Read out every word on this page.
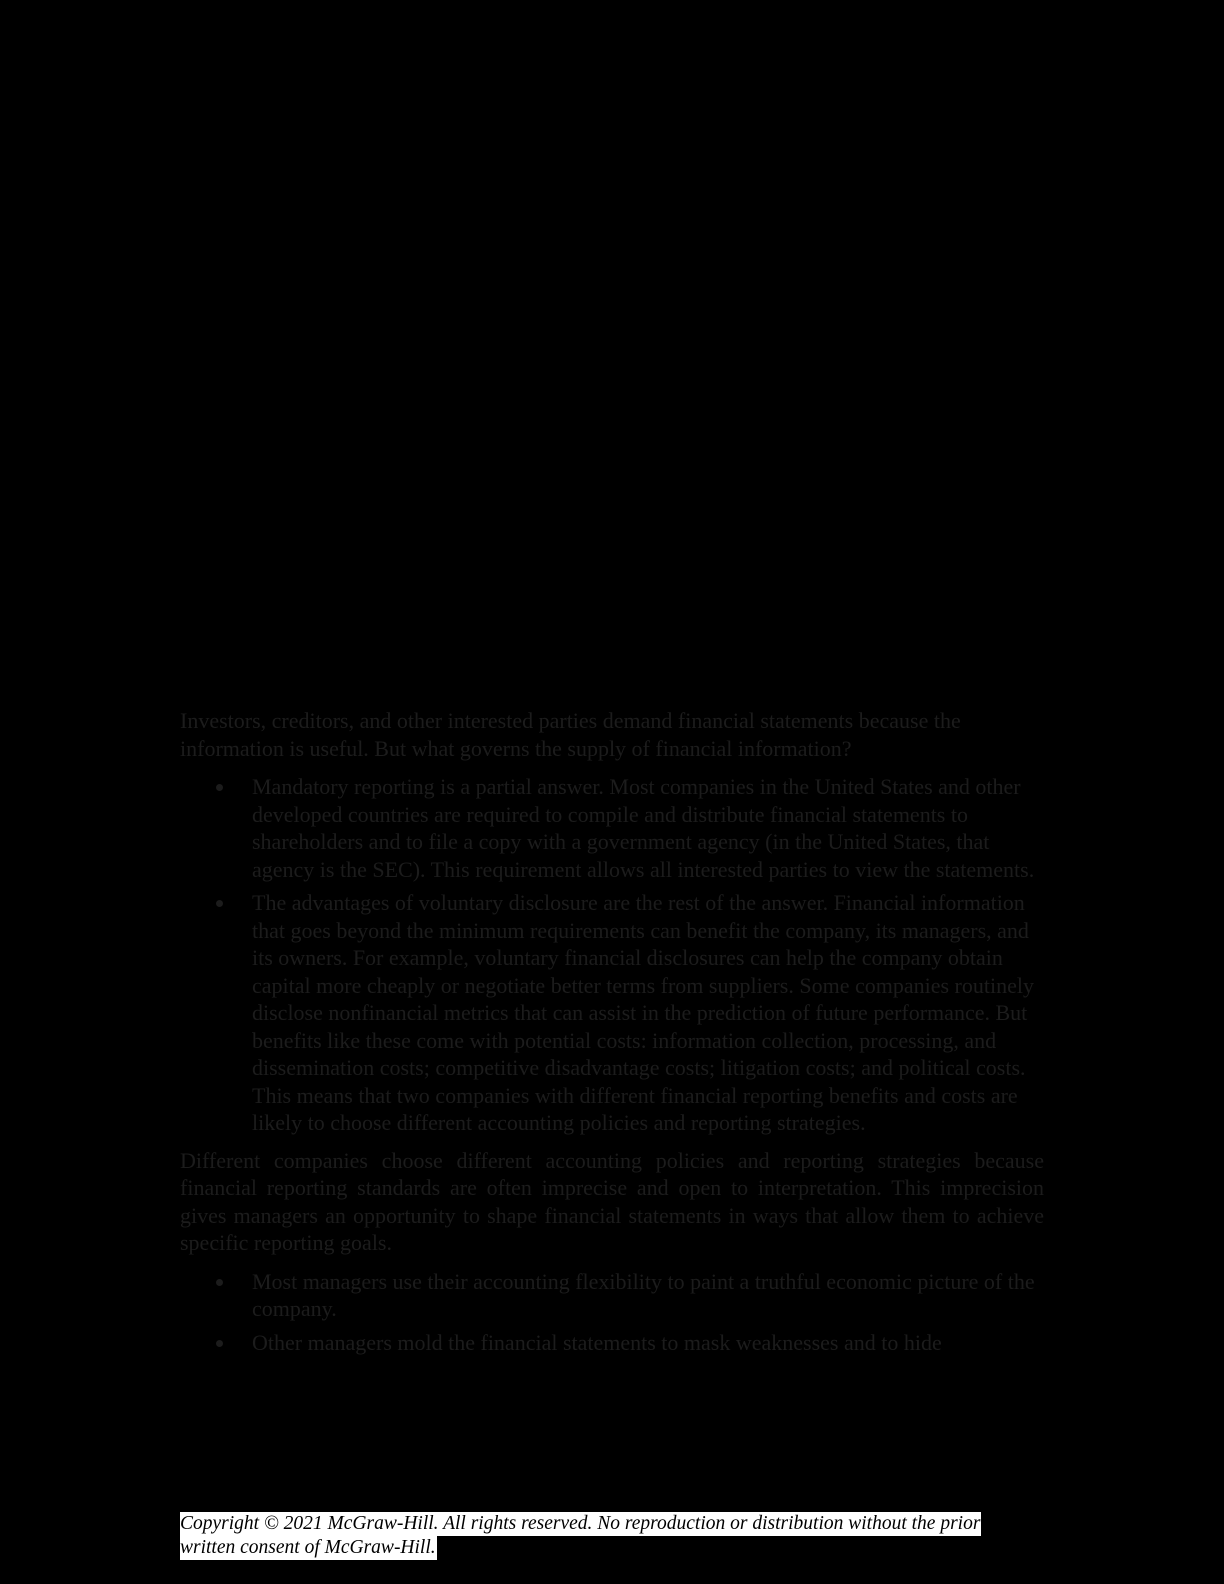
Investors, creditors, and other interested parties demand financial statements because the information is useful. But what governs the supply of financial information?

Mandatory reporting is a partial answer. Most companies in the United States and other developed countries are required to compile and distribute financial statements to shareholders and to file a copy with a government agency (in the United States, that agency is the SEC). This requirement allows all interested parties to view the statements.
The advantages of voluntary disclosure are the rest of the answer. Financial information that goes beyond the minimum requirements can benefit the company, its managers, and its owners. For example, voluntary financial disclosures can help the company obtain capital more cheaply or negotiate better terms from suppliers. Some companies routinely disclose nonfinancial metrics that can assist in the prediction of future performance. But benefits like these come with potential costs: information collection, processing, and dissemination costs; competitive disadvantage costs; litigation costs; and political costs. This means that two companies with different financial reporting benefits and costs are likely to choose different accounting policies and reporting strategies.

Different companies choose different accounting policies and reporting strategies because financial reporting standards are often imprecise and open to interpretation. This imprecision gives managers an opportunity to shape financial statements in ways that allow them to achieve specific reporting goals.

Most managers use their accounting flexibility to paint a truthful economic picture of the company.
Other managers mold the financial statements to mask weaknesses and to hide
Copyright © 2021 McGraw-Hill. All rights reserved. No reproduction or distribution without the prior
written consent of McGraw-Hill.
